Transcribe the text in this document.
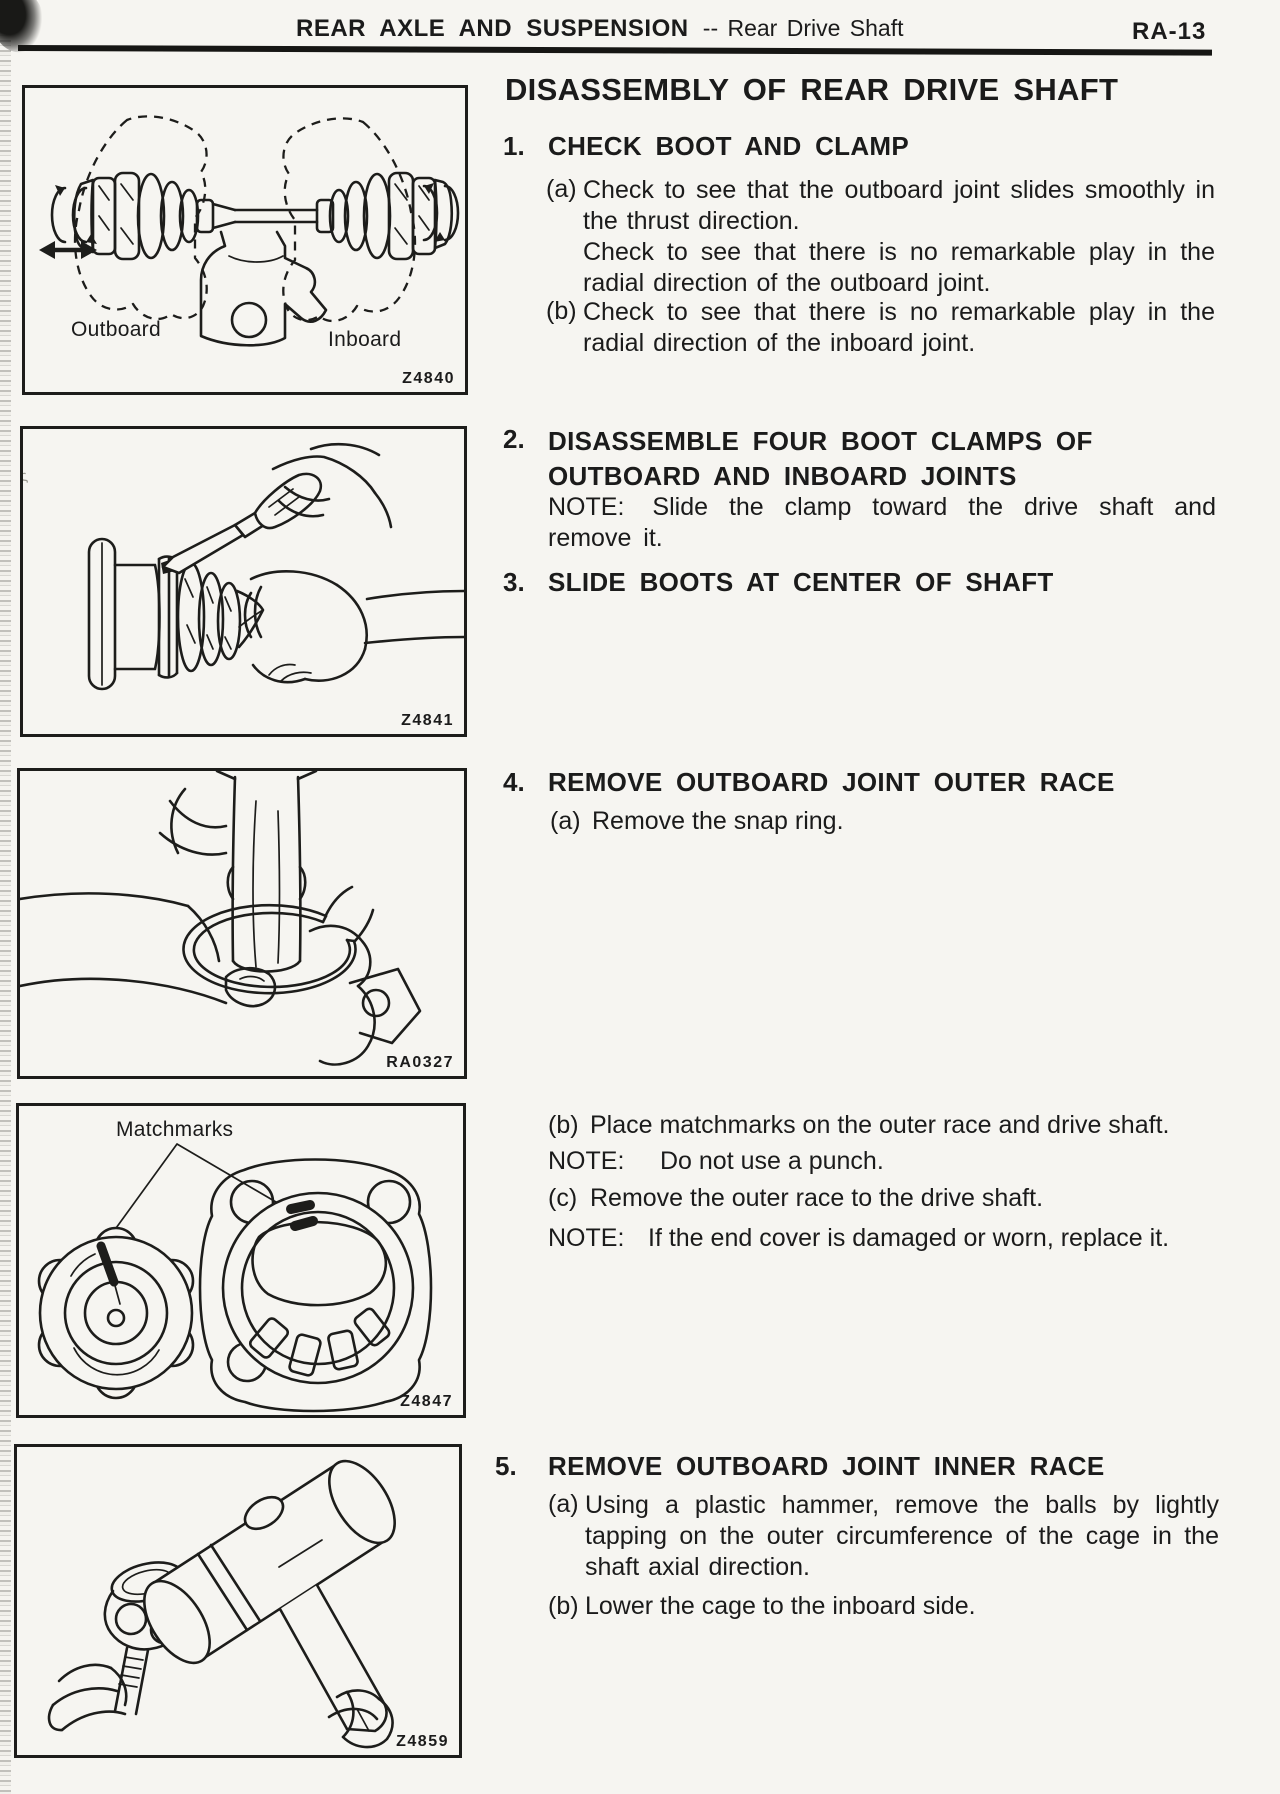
ς
REAR AXLE AND SUSPENSION -- Rear Drive Shaft	RA-13
DISASSEMBLY OF REAR DRIVE SHAFT
Outboard	Inboard
Z4840
Z4841
RA0327
Matchmarks
Z4847
Z4859
1. CHECK BOOT AND CLAMP
(a) Check to see that the outboard joint slides smoothly in the thrust direction.

Check to see that there is no remarkable play in the radial direction of the outboard joint.

(b) Check to see that there is no remarkable play in the radial direction of the inboard joint.

2. DISASSEMBLE FOUR BOOT CLAMPS OF
OUTBOARD AND INBOARD JOINTS
NOTE: Slide the clamp toward the drive shaft and remove it.
3. SLIDE BOOTS AT CENTER OF SHAFT
4. REMOVE OUTBOARD JOINT OUTER RACE
(a) Remove the snap ring.
(b) Place matchmarks on the outer race and drive shaft.
NOTE: Do not use a punch.
(c) Remove the outer race to the drive shaft.
NOTE: If the end cover is damaged or worn, replace it.
5. REMOVE OUTBOARD JOINT INNER RACE
(a) Using a plastic hammer, remove the balls by lightly tapping on the outer circumference of the cage in the shaft axial direction.

(b) Lower the cage to the inboard side.
